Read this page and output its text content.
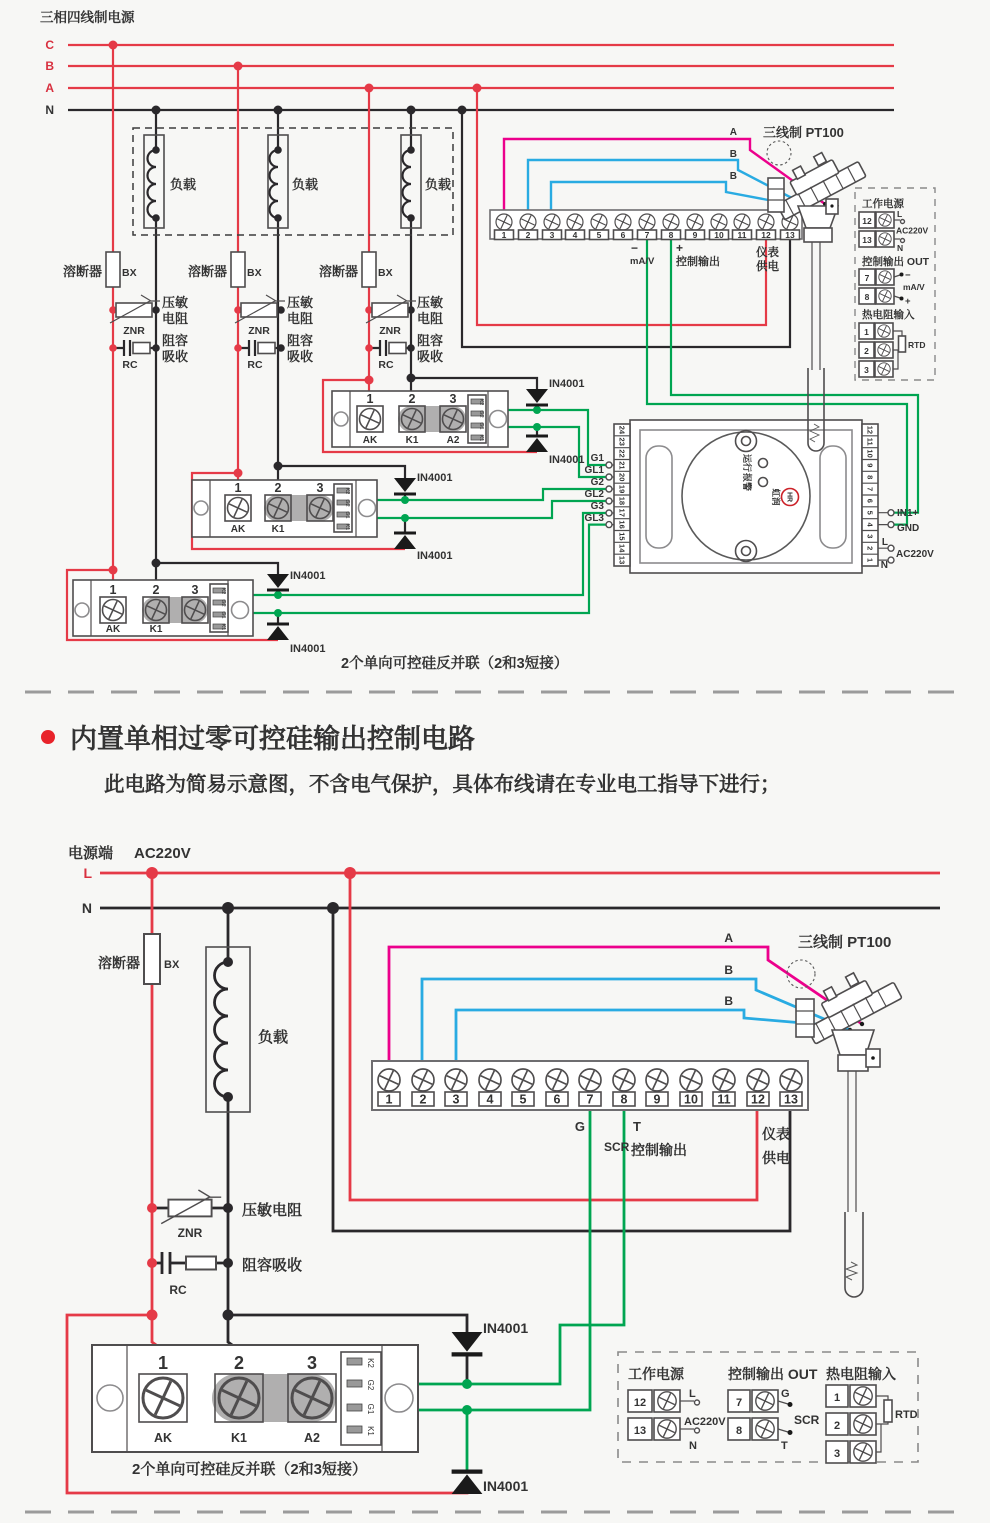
1 2 3 4 5 6 7 8 9 10 11 12 13
24
23
22
21
20
19
18
17
16
15
14
13
12
11
10
9
8
7
6
5
4
3
2
1
运行
报警
HR
虹润
工作电源
12
L
AC220V
13
N
控制输出 OUT
7	−
mA/V
8	+
热电阻输入
1
2
3
RTD
三相四线制电源
C
B
A
N
负载	负载	负载
溶断器 BX	溶断器 BX	溶断器 BX
ZNR
压敏
电阻
ZNR
压敏
电阻
ZNR
压敏
电阻
RC
阻容
吸收
RC
阻容
吸收
RC
阻容
吸收
1	2	3
1	2	3
1	2	3
AK	K1	A2
AK	K1
AK	K1
K2
G2
G1
K1
K2
G2
G1
K1
K2
G2
G1
K1
IN4001
IN4001
IN4001
IN4001
IN4001
IN4001
G1
GL1
G2
GL2
G3
GL3	IN1+
GND
L
AC220V
N
−
mA/V
+
控制输出
仪表
供电
三线制 PT100
A
B
B
2个单向可控硅反并联（2和3短接）
内置单相过零可控硅输出控制电路
此电路为简易示意图，不含电气保护，具体布线请在专业电工指导下进行；
电源端 AC220V
L
N
溶断器 BX
负载
ZNR
压敏电阻
RC
阻容吸收
1 2 3 4 5 6 7 8 9 10 11 12 13
G
SCR
T
控制输出
仪表
供电
K2
G2
G1
K1
1	2	3
AK	K1	A2
2个单向可控硅反并联（2和3短接）
IN4001
IN4001
三线制 PT100
A
B
B
工作电源
12
L
AC220V
13
N
控制输出 OUT
7
G
SCR
8
T
热电阻输入
1
2
3
RTD
